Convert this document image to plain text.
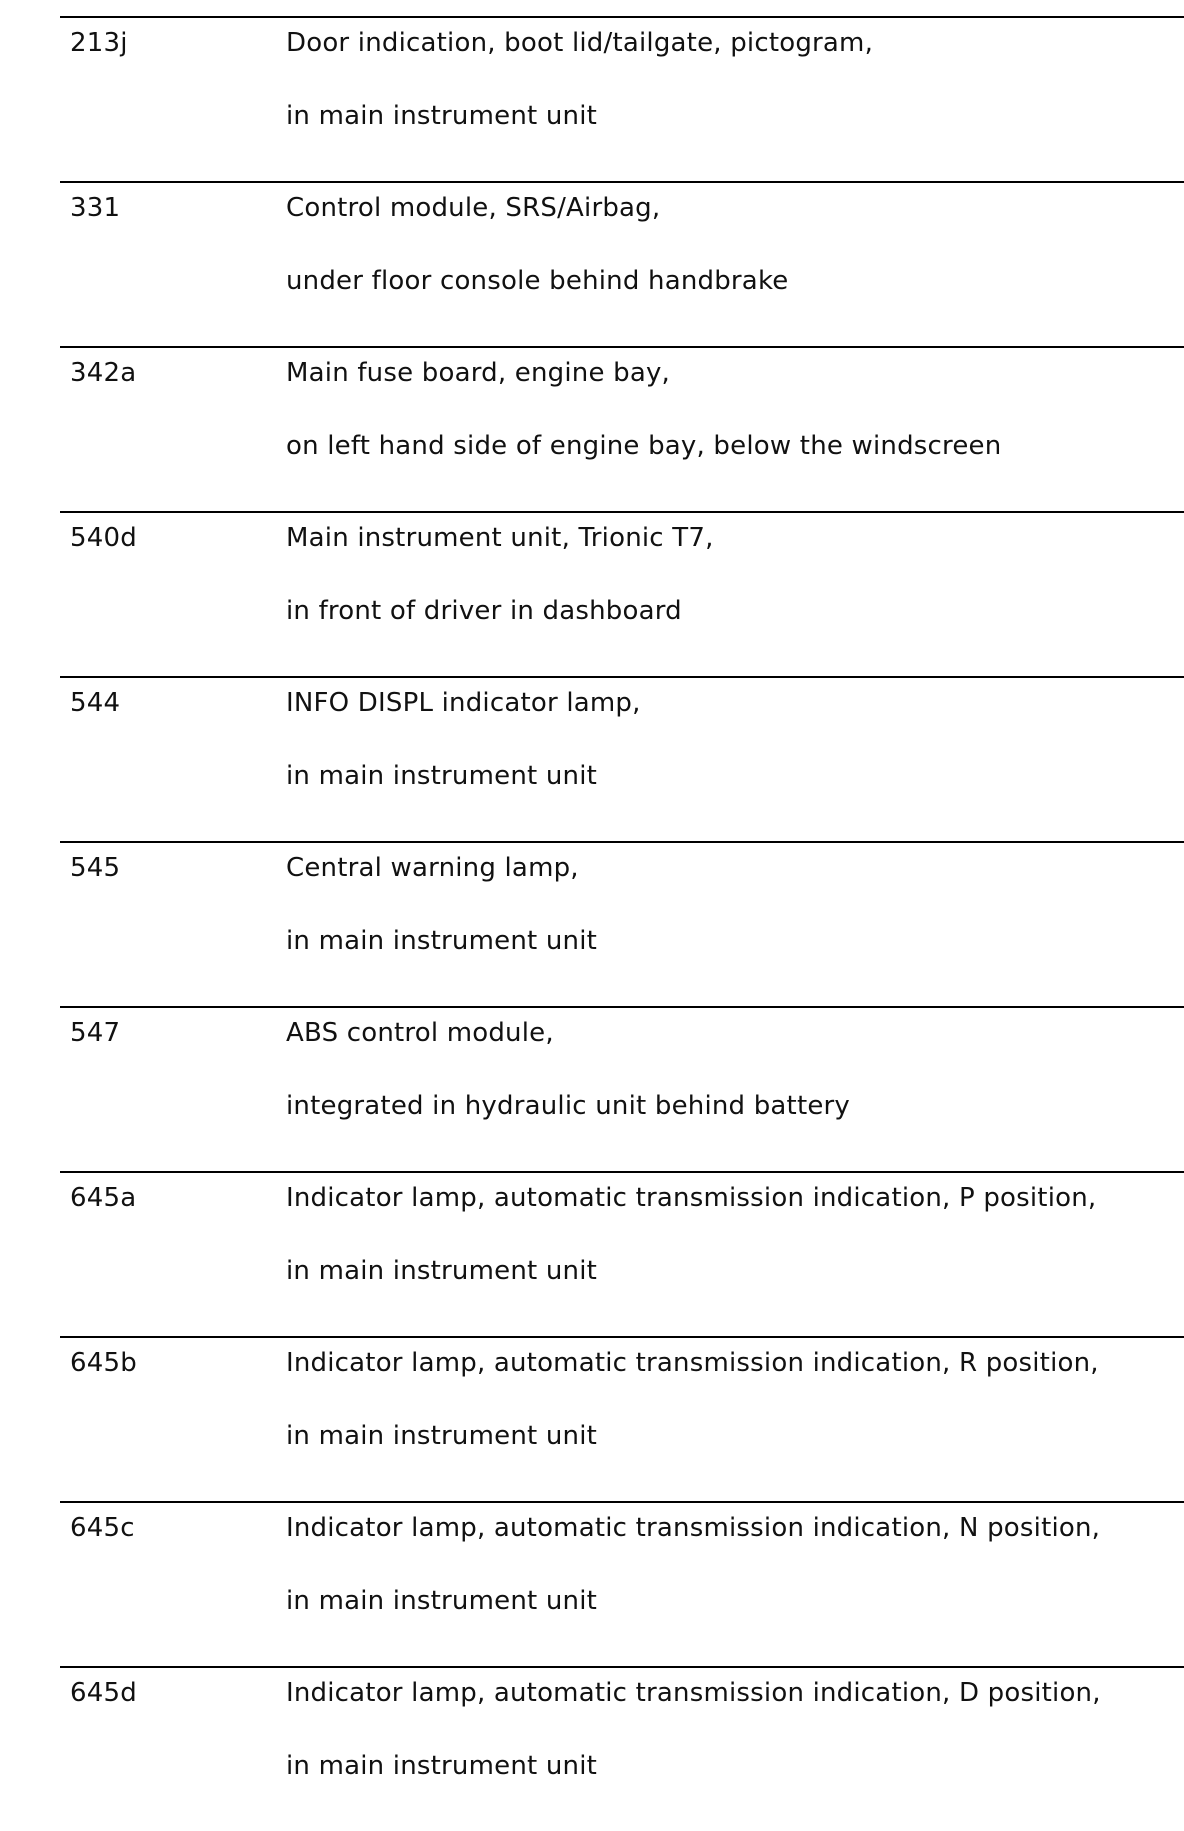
213j	Door indication, boot lid/tailgate, pictogram,
in main instrument unit
331	Control module, SRS/Airbag,
under floor console behind handbrake
342a	Main fuse board, engine bay,
on left hand side of engine bay, below the windscreen
540d	Main instrument unit, Trionic T7,
in front of driver in dashboard
544	INFO DISPL indicator lamp,
in main instrument unit
545	Central warning lamp,
in main instrument unit
547	ABS control module,
integrated in hydraulic unit behind battery
645a	Indicator lamp, automatic transmission indication, P position,
in main instrument unit
645b	Indicator lamp, automatic transmission indication, R position,
in main instrument unit
645c	Indicator lamp, automatic transmission indication, N position,
in main instrument unit
645d	Indicator lamp, automatic transmission indication, D position,
in main instrument unit
